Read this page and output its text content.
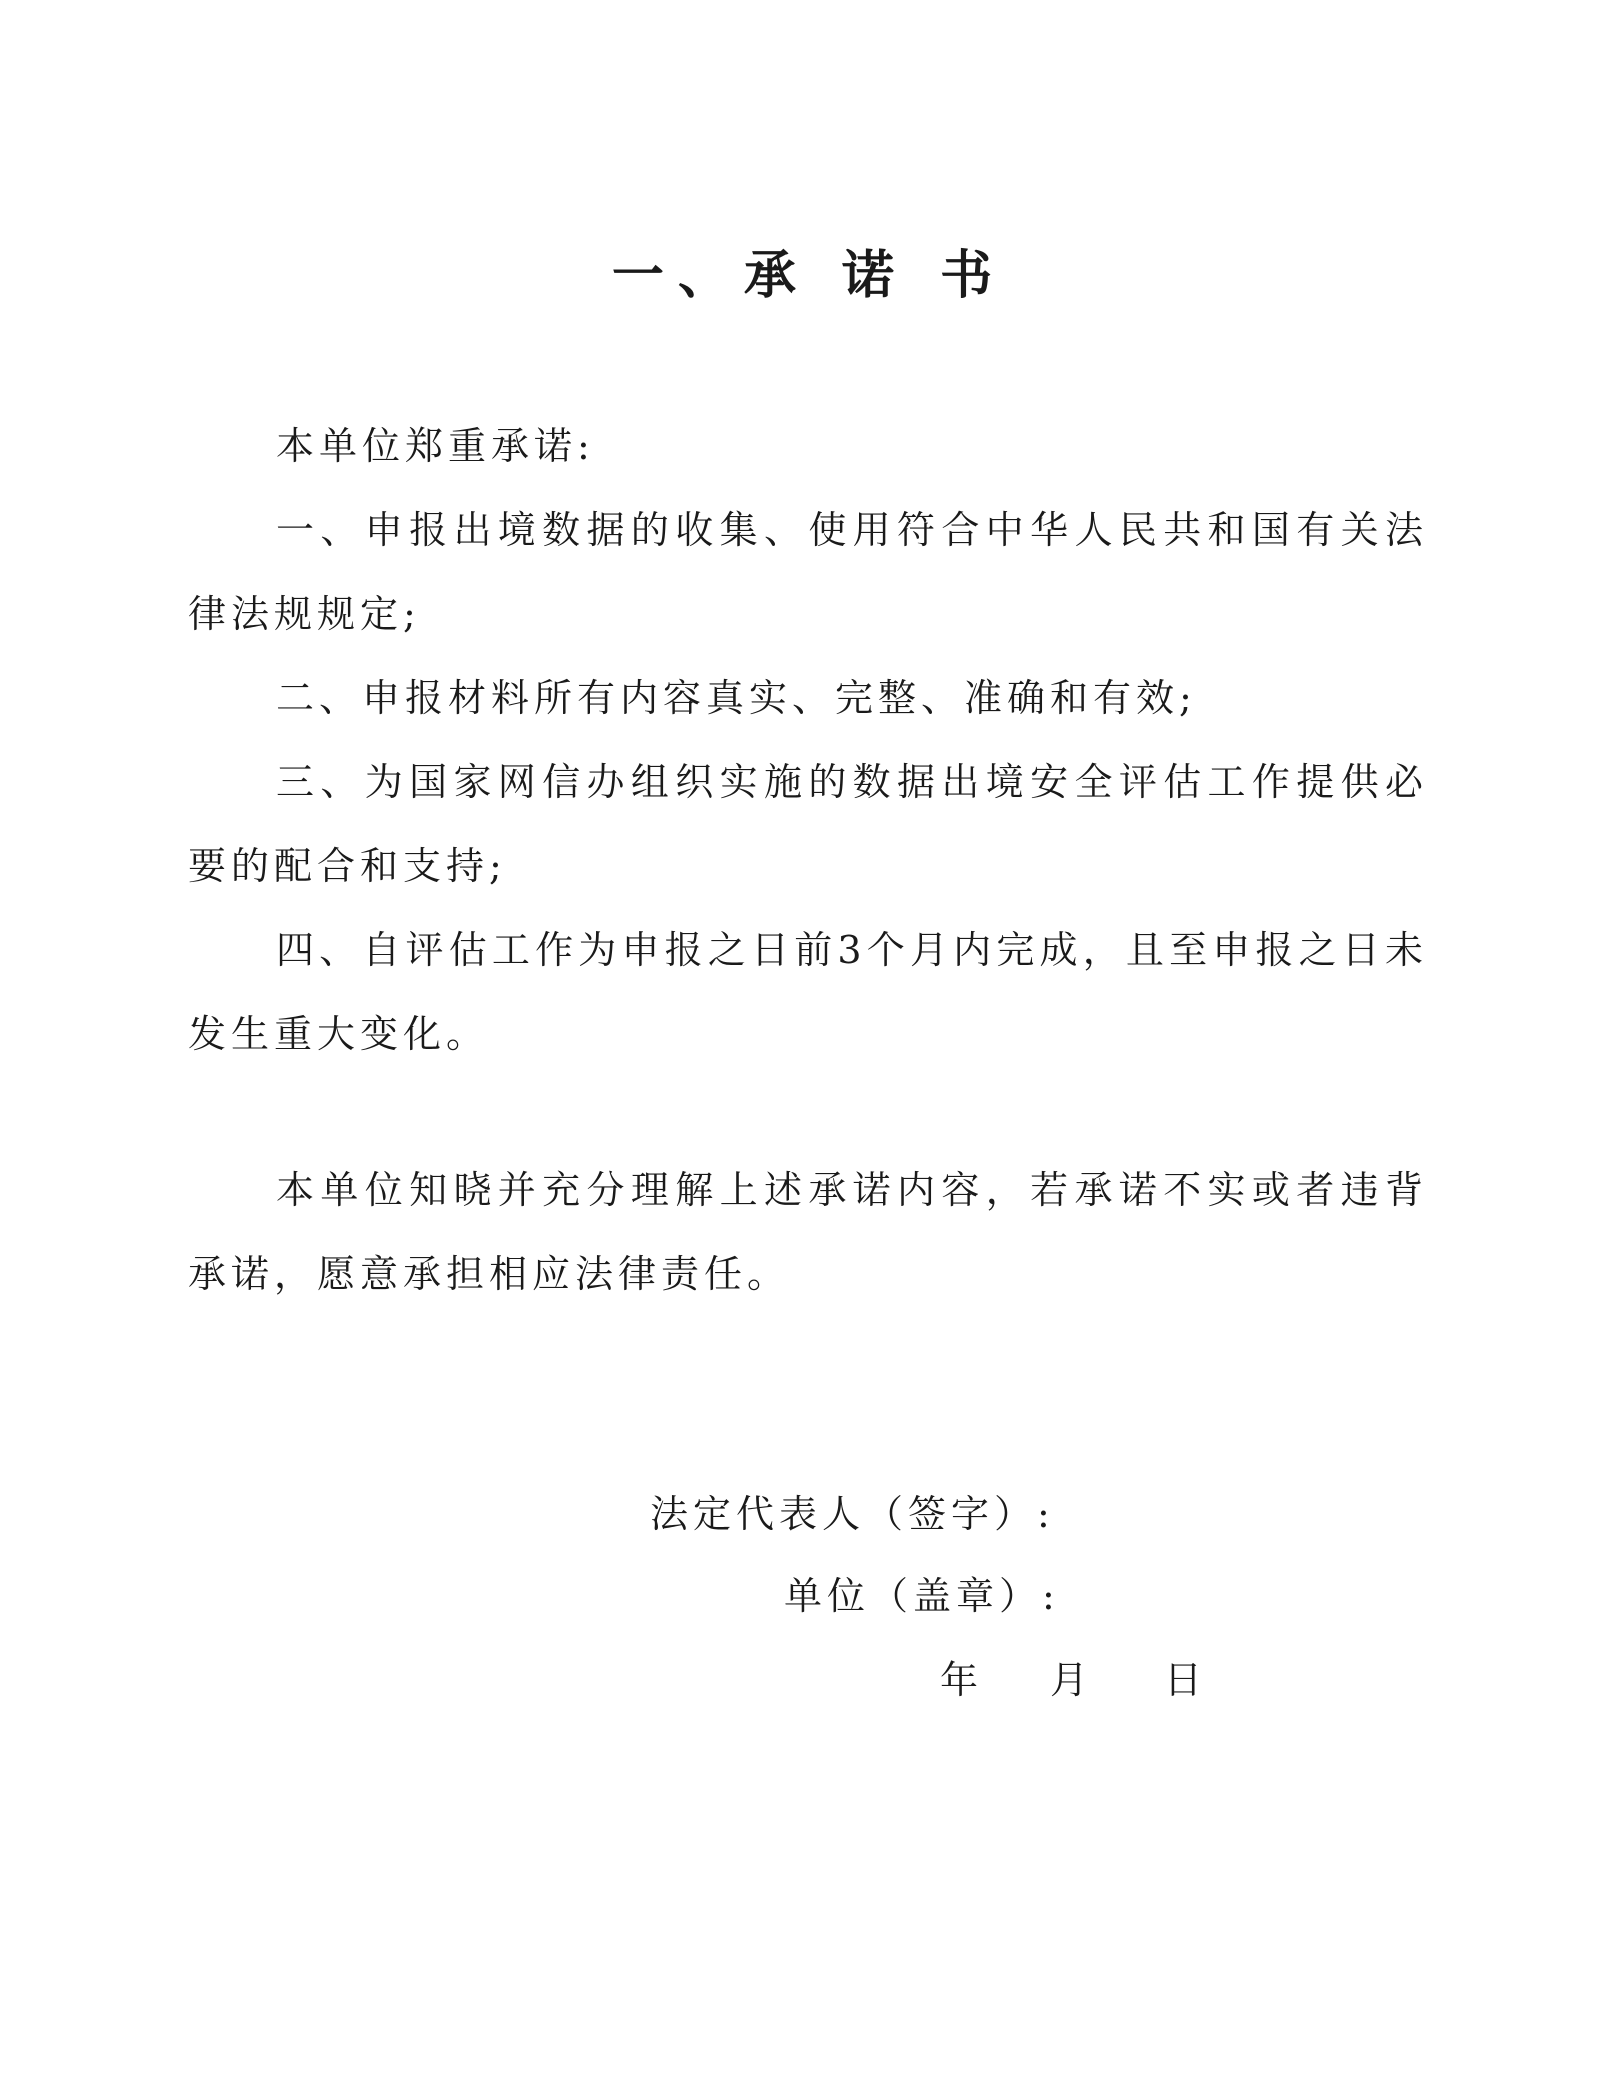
一、承 诺 书

本单位郑重承诺:

一、申报出境数据的收集、使用符合中华人民共和国有关法律法规规定;

二、申报材料所有内容真实、完整、准确和有效;

三、为国家网信办组织实施的数据出境安全评估工作提供必要的配合和支持;

四、自评估工作为申报之日前3个月内完成，且至申报之日未发生重大变化。

本单位知晓并充分理解上述承诺内容，若承诺不实或者违背承诺，愿意承担相应法律责任。

法定代表人（签字）:
单位（盖章）:
年 月 日
